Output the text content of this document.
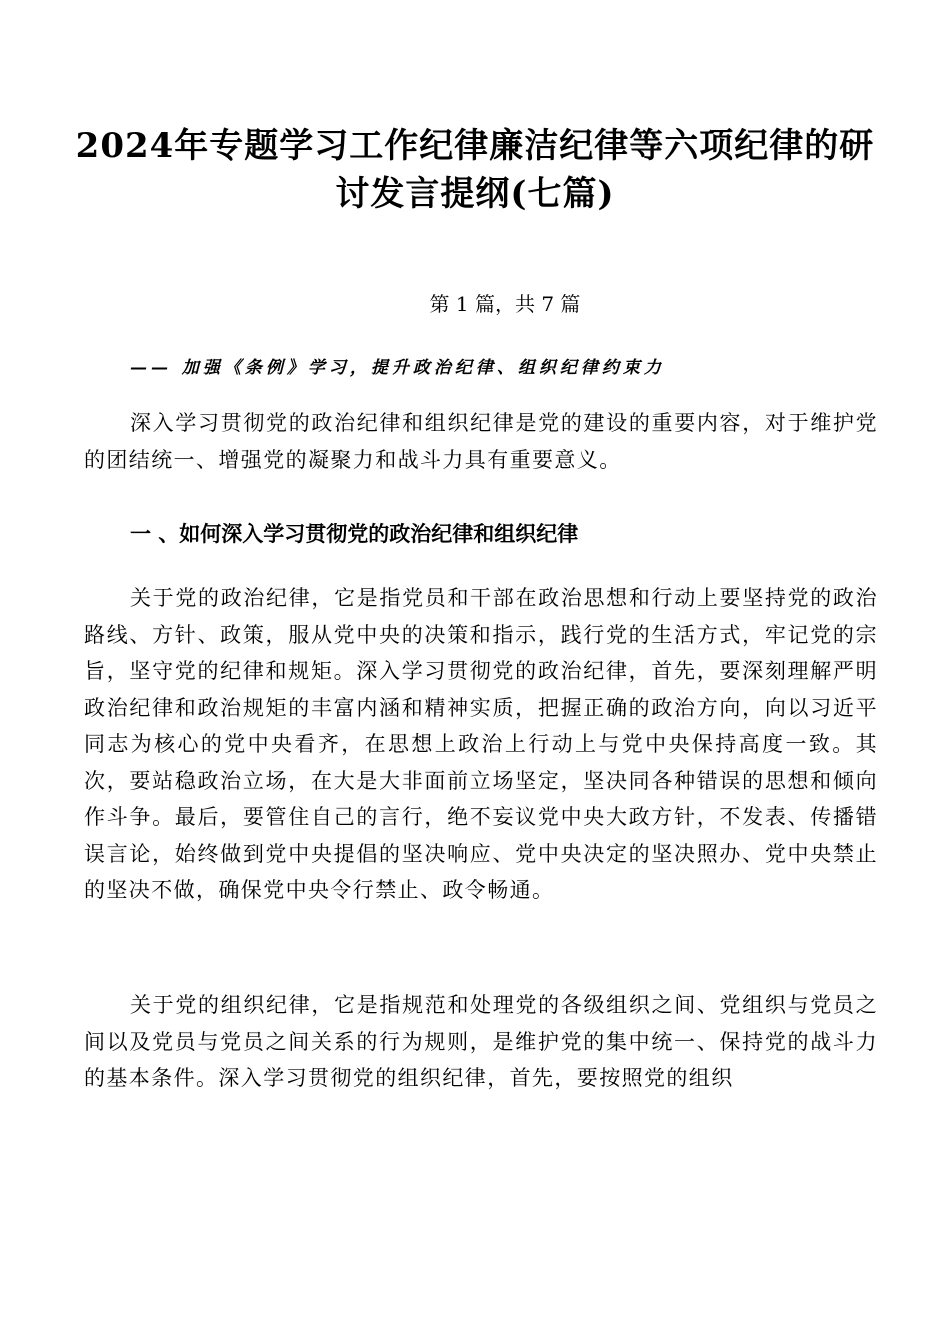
2024年专题学习工作纪律廉洁纪律等六项纪律的研讨发言提纲(七篇)

第 1 篇，共 7 篇

—— 加强《条例》学习，提升政治纪律、组织纪律约束力

深入学习贯彻党的政治纪律和组织纪律是党的建设的重要内容，对于维护党的团结统一、增强党的凝聚力和战斗力具有重要意义。

一 、如何深入学习贯彻党的政治纪律和组织纪律

关于党的政治纪律，它是指党员和干部在政治思想和行动上要坚持党的政治路线、方针、政策，服从党中央的决策和指示，践行党的生活方式，牢记党的宗旨，坚守党的纪律和规矩。深入学习贯彻党的政治纪律，首先，要深刻理解严明政治纪律和政治规矩的丰富内涵和精神实质，把握正确的政治方向，向以习近平同志为核心的党中央看齐，在思想上政治上行动上与党中央保持高度一致。其次，要站稳政治立场，在大是大非面前立场坚定，坚决同各种错误的思想和倾向作斗争。最后，要管住自己的言行，绝不妄议党中央大政方针，不发表、传播错误言论，始终做到党中央提倡的坚决响应、党中央决定的坚决照办、党中央禁止的坚决不做，确保党中央令行禁止、政令畅通。

关于党的组织纪律，它是指规范和处理党的各级组织之间、党组织与党员之间以及党员与党员之间关系的行为规则，是维护党的集中统一、保持党的战斗力的基本条件。深入学习贯彻党的组织纪律，首先，要按照党的组织
